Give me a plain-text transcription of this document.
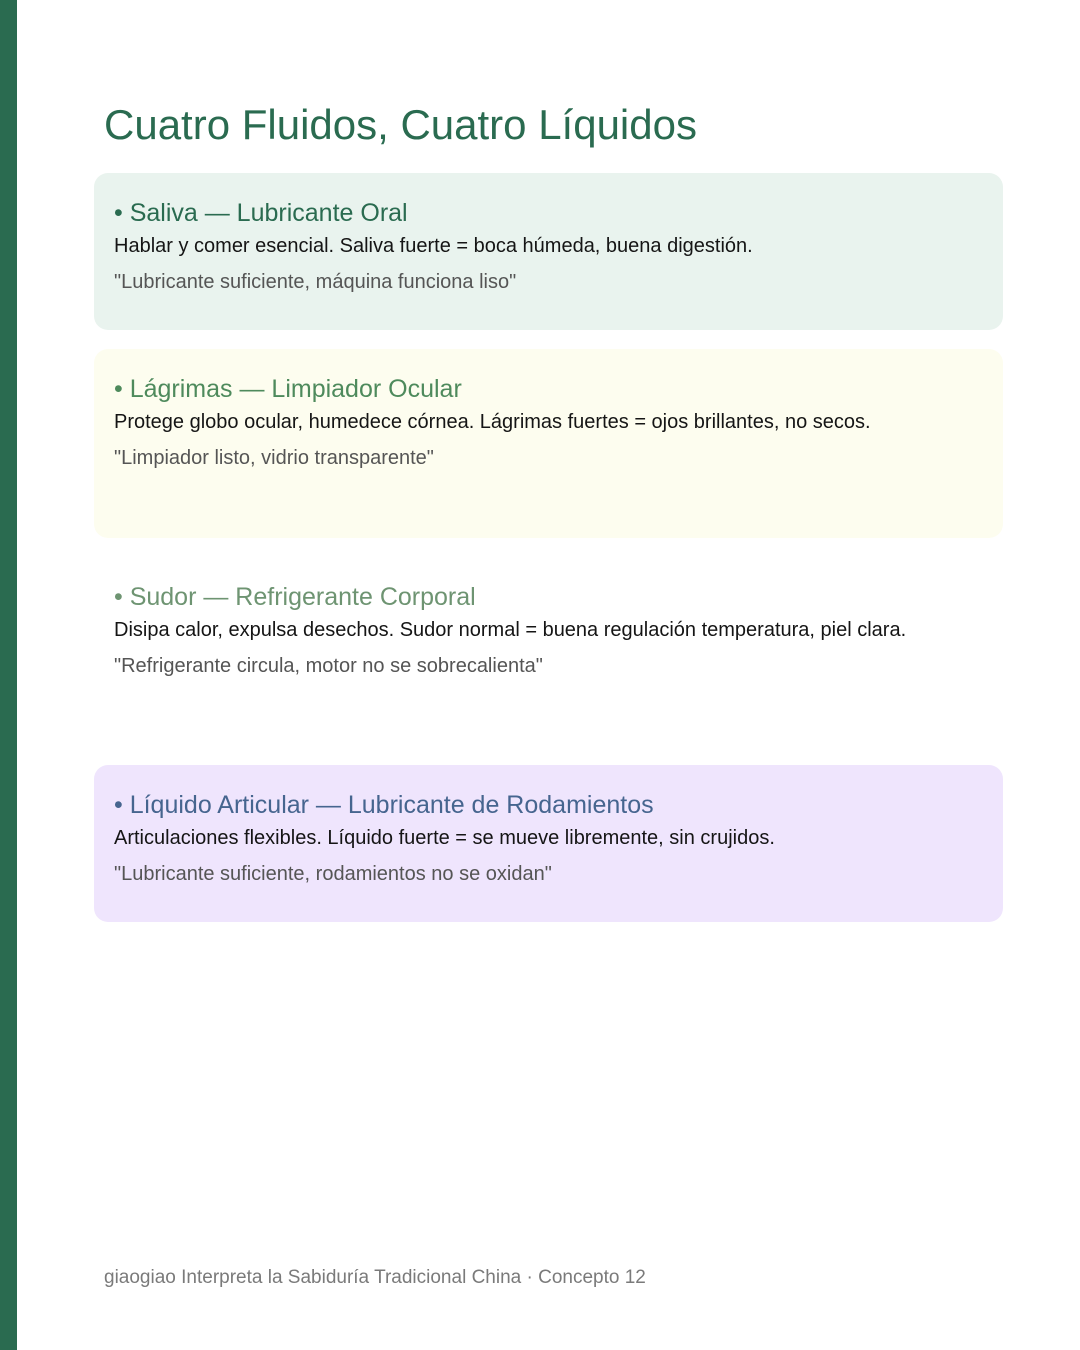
Cuatro Fluidos, Cuatro Líquidos
• Saliva — Lubricante Oral

Hablar y comer esencial. Saliva fuerte = boca húmeda, buena digestión.

"Lubricante suficiente, máquina funciona liso"

• Lágrimas — Limpiador Ocular

Protege globo ocular, humedece córnea. Lágrimas fuertes = ojos brillantes, no secos.

"Limpiador listo, vidrio transparente"

• Sudor — Refrigerante Corporal

Disipa calor, expulsa desechos. Sudor normal = buena regulación temperatura, piel clara.

"Refrigerante circula, motor no se sobrecalienta"

• Líquido Articular — Lubricante de Rodamientos

Articulaciones flexibles. Líquido fuerte = se mueve libremente, sin crujidos.

"Lubricante suficiente, rodamientos no se oxidan"

giaogiao Interpreta la Sabiduría Tradicional China · Concepto 12
